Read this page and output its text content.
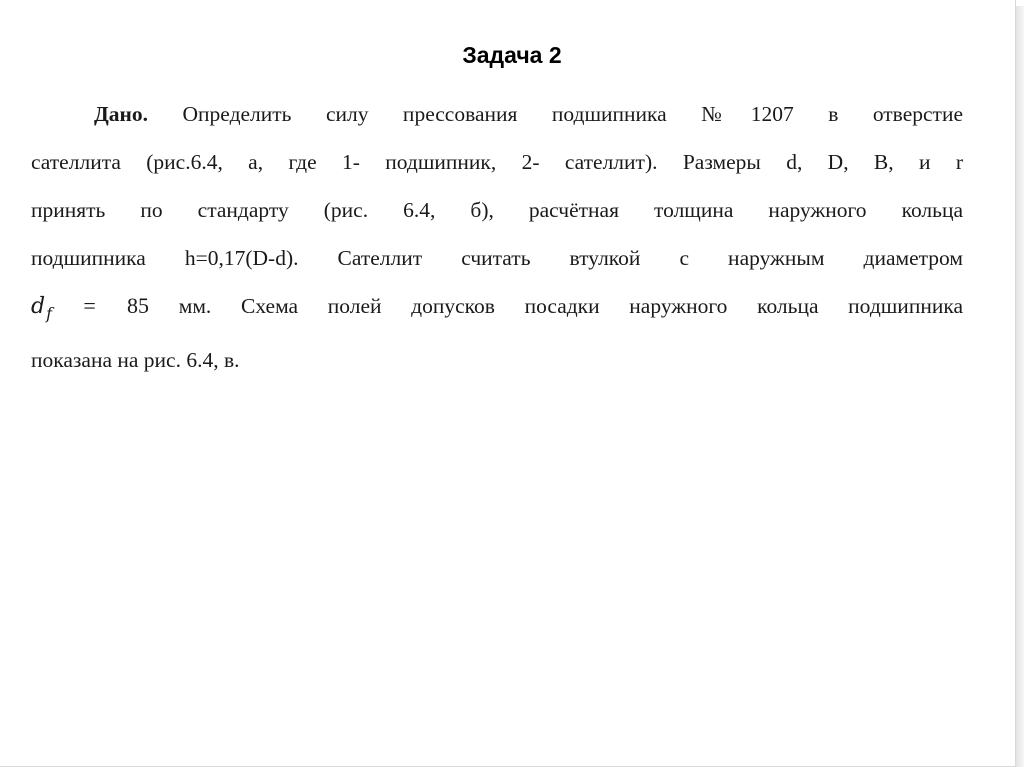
Задача 2
Дано. Определить силу прессования подшипника №1207 в отверстие
сателлита (рис.6.4, а, где 1- подшипник, 2- сателлит). Размеры d, D, B, и r
принять по стандарту (рис. 6.4, б), расчётная толщина наружного кольца
подшипника h=0,17(D-d). Сателлит считать втулкой с наружным диаметром
$d_f = 85$ мм. Схема полей допусков посадки наружного кольца подшипника
показана на рис. 6.4, в.
